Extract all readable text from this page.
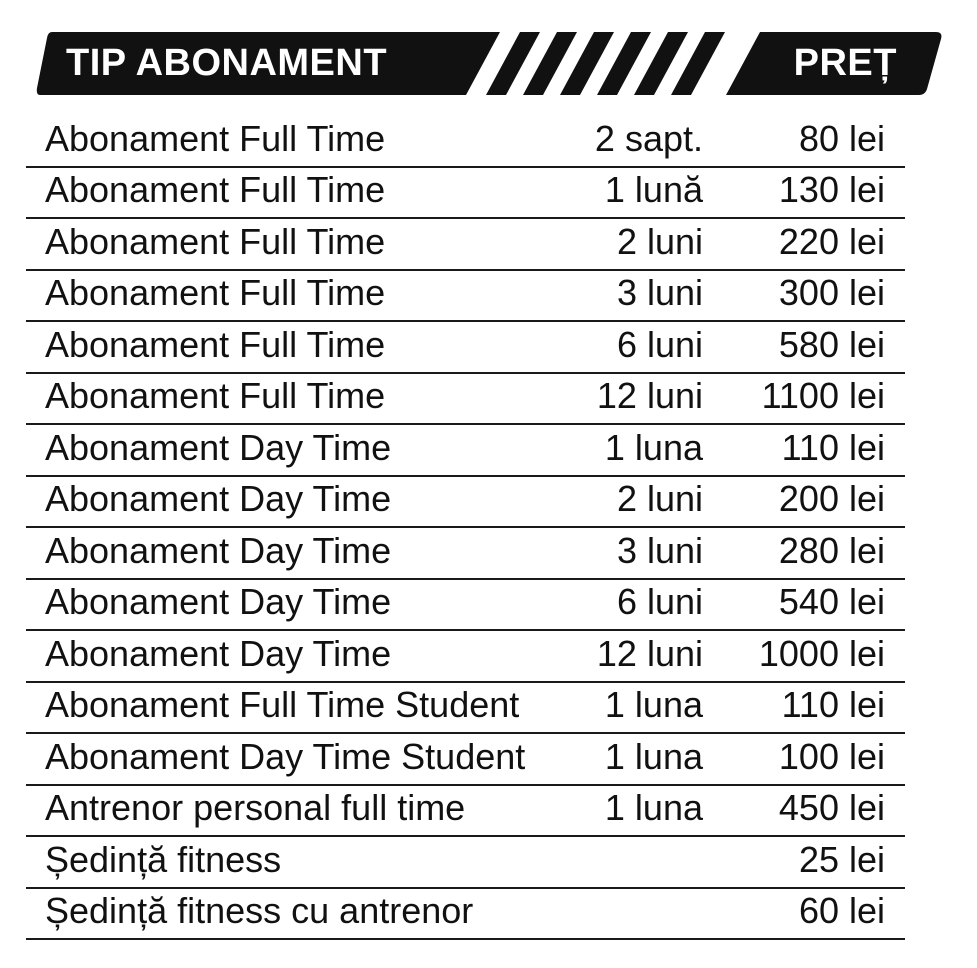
TIP ABONAMENT	PREȚ
Abonament Full Time	2 sapt.	80 lei
Abonament Full Time	1 lună 130 lei
Abonament Full Time	2 luni 220 lei
Abonament Full Time	3 luni 300 lei
Abonament Full Time	6 luni 580 lei
Abonament Full Time	12 luni 1100 lei
Abonament Day Time	1 luna 110 lei
Abonament Day Time	2 luni 200 lei
Abonament Day Time	3 luni 280 lei
Abonament Day Time	6 luni 540 lei
Abonament Day Time	12 luni 1000 lei
Abonament Full Time Student 1 luna 110 lei
Abonament Day Time Student 1 luna 100 lei
Antrenor personal full time	1 luna 450 lei
Ședință fitness	25 lei
Ședință fitness cu antrenor	60 lei
